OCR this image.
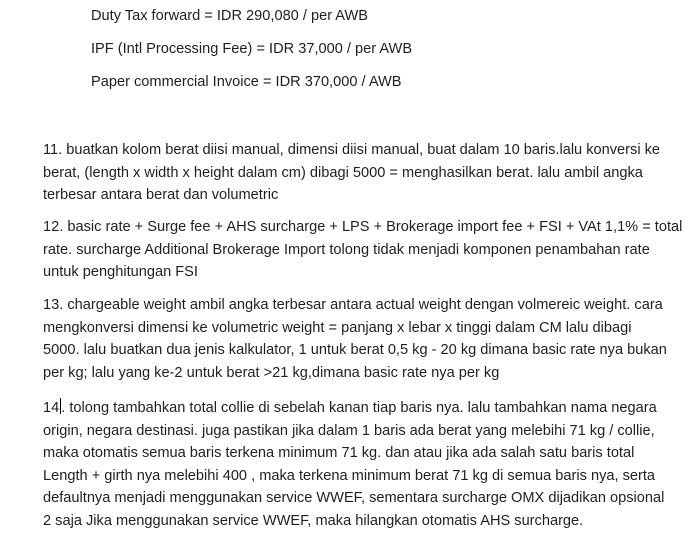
Duty Tax forward = IDR 290,080 / per AWB
IPF (Intl Processing Fee) = IDR 37,000 / per AWB
Paper commercial Invoice = IDR 370,000 / AWB
11. buatkan kolom berat diisi manual, dimensi diisi manual, buat dalam 10 baris.lalu konversi ke
berat, (length x width x height dalam cm) dibagi 5000 = menghasilkan berat. lalu ambil angka
terbesar antara berat dan volumetric
12. basic rate + Surge fee + AHS surcharge + LPS + Brokerage import fee + FSI + VAt 1,1% = total
rate. surcharge Additional Brokerage Import tolong tidak menjadi komponen penambahan rate
untuk penghitungan FSI
13. chargeable weight ambil angka terbesar antara actual weight dengan volmereic weight. cara
mengkonversi dimensi ke volumetric weight = panjang x lebar x tinggi dalam CM lalu dibagi
5000. lalu buatkan dua jenis kalkulator, 1 untuk berat 0,5 kg - 20 kg dimana basic rate nya bukan
per kg; lalu yang ke-2 untuk berat >21 kg,dimana basic rate nya per kg
14 . tolong tambahkan total collie di sebelah kanan tiap baris nya. lalu tambahkan nama negara
origin, negara destinasi. juga pastikan jika dalam 1 baris ada berat yang melebihi 71 kg / collie,
maka otomatis semua baris terkena minimum 71 kg. dan atau jika ada salah satu baris total
Length + girth nya melebihi 400 , maka terkena minimum berat 71 kg di semua baris nya, serta
defaultnya menjadi menggunakan service WWEF, sementara surcharge OMX dijadikan opsional
2 saja Jika menggunakan service WWEF, maka hilangkan otomatis AHS surcharge.
